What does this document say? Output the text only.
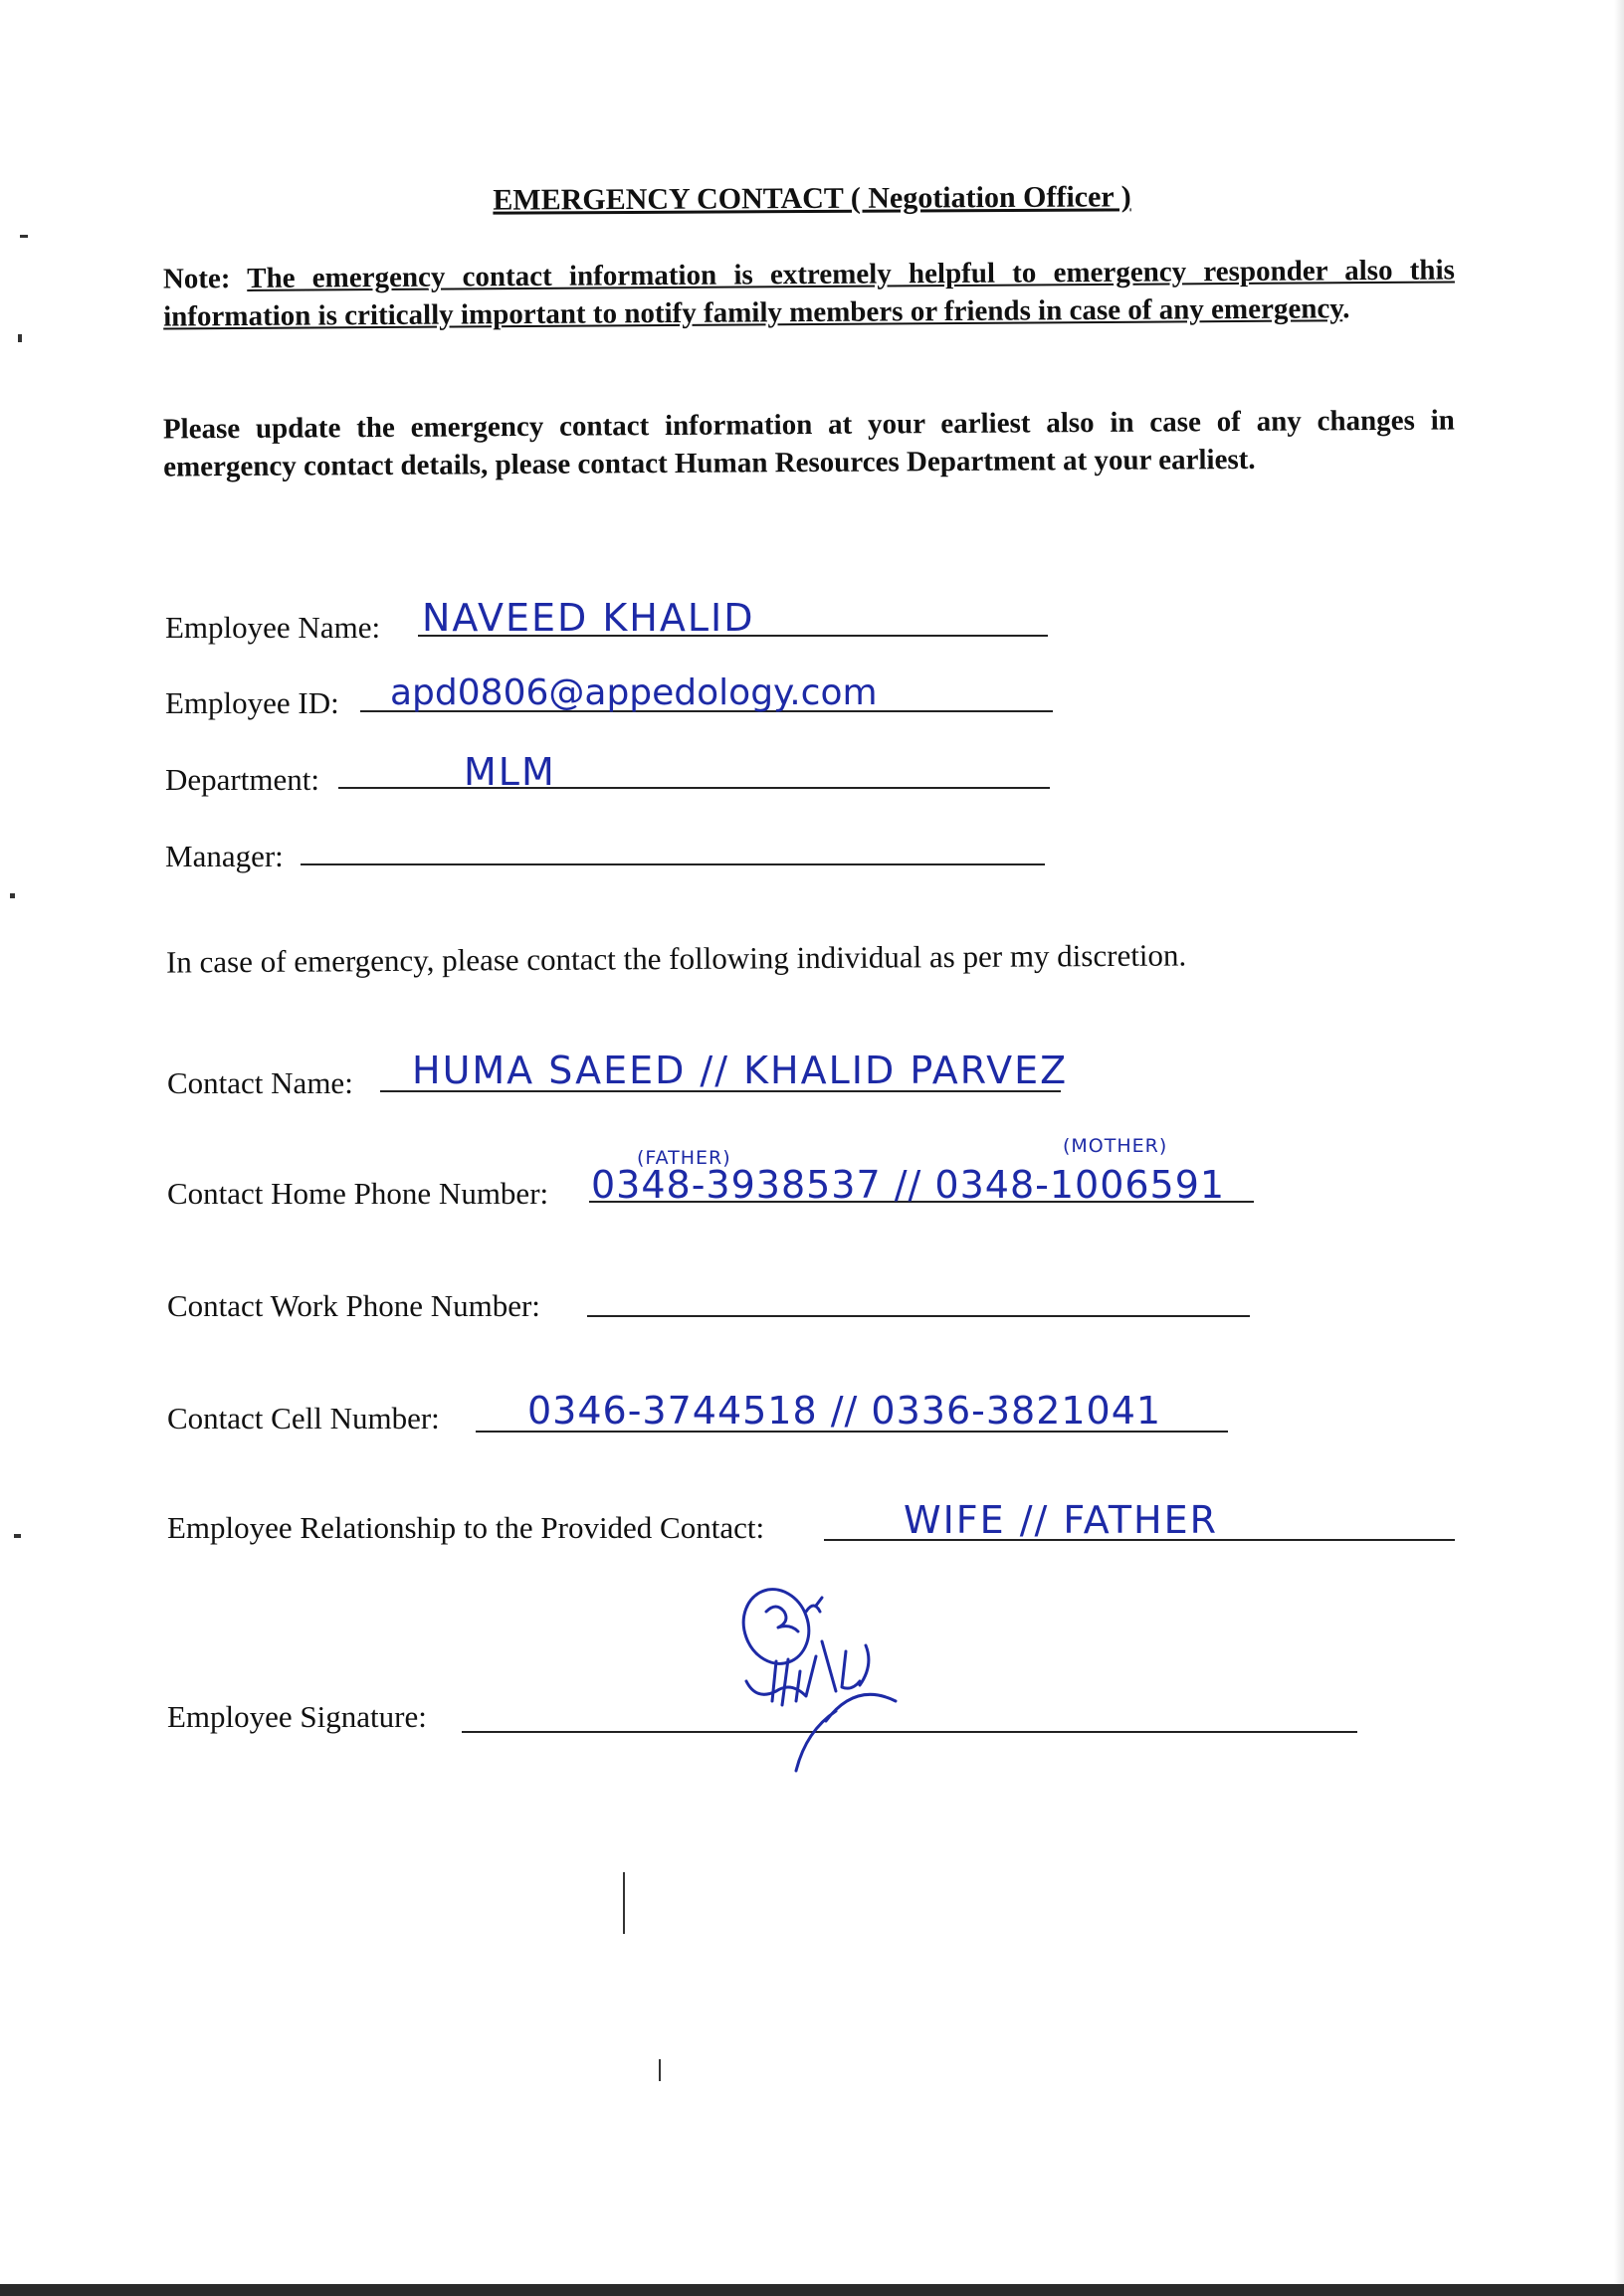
EMERGENCY CONTACT ( Negotiation Officer )
Note: The emergency contact information is extremely helpful to emergency responder also this information is critically important to notify family members or friends in case of any emergency.
Please update the emergency contact information at your earliest also in case of any changes in emergency contact details, please contact Human Resources Department at your earliest.
Employee Name: NAVEED KHALID
Employee ID: apd0806@appedology.com
Department:	MLM
Manager:
In case of emergency, please contact the following individual as per my discretion.
Contact Name: HUMA SAEED // KHALID PARVEZ
Contact Home Phone Number:
(FATHER)
(MOTHER)
0348-3938537 // 0348-1006591
Contact Work Phone Number:
Contact Cell Number: 0346-3744518 // 0336-3821041
Employee Relationship to the Provided Contact:	WIFE // FATHER
Employee Signature:
